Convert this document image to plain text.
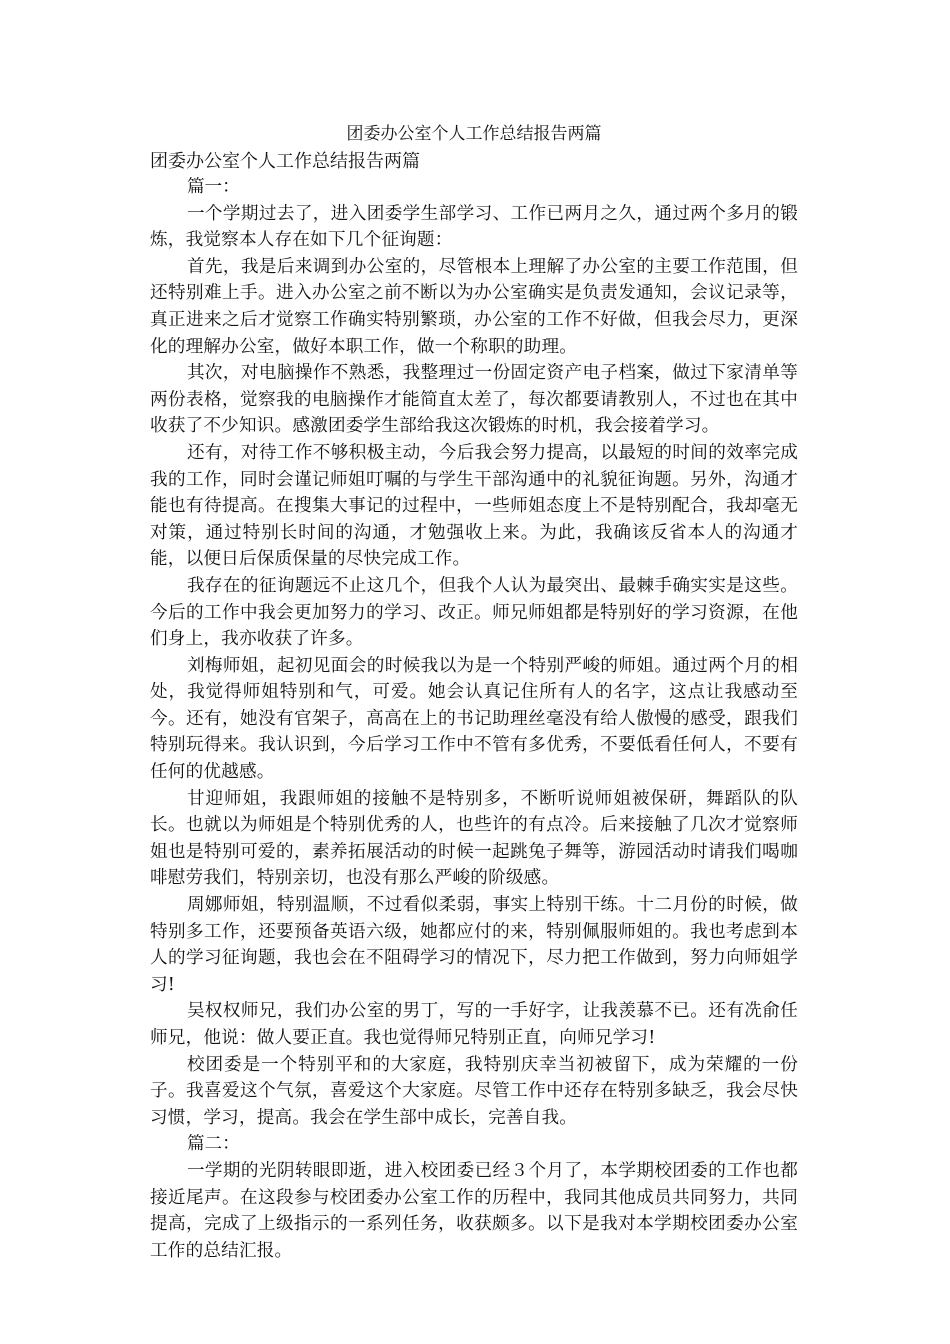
团委办公室个人工作总结报告两篇
团委办公室个人工作总结报告两篇

篇一：

一个学期过去了，进入团委学生部学习、工作已两月之久，通过两个多月的锻炼，我觉察本人存在如下几个征询题：

首先，我是后来调到办公室的，尽管根本上理解了办公室的主要工作范围，但还特别难上手。进入办公室之前不断以为办公室确实是负责发通知，会议记录等，真正进来之后才觉察工作确实特别繁琐，办公室的工作不好做，但我会尽力，更深化的理解办公室，做好本职工作，做一个称职的助理。

其次，对电脑操作不熟悉，我整理过一份固定资产电子档案，做过下家清单等两份表格，觉察我的电脑操作才能简直太差了，每次都要请教别人，不过也在其中收获了不少知识。感激团委学生部给我这次锻炼的时机，我会接着学习。

还有，对待工作不够积极主动，今后我会努力提高，以最短的时间的效率完成我的工作，同时会谨记师姐叮嘱的与学生干部沟通中的礼貌征询题。另外，沟通才能也有待提高。在搜集大事记的过程中，一些师姐态度上不是特别配合，我却毫无对策，通过特别长时间的沟通，才勉强收上来。为此，我确该反省本人的沟通才能，以便日后保质保量的尽快完成工作。

我存在的征询题远不止这几个，但我个人认为最突出、最棘手确实实是这些。今后的工作中我会更加努力的学习、改正。师兄师姐都是特别好的学习资源，在他们身上，我亦收获了许多。

刘梅师姐，起初见面会的时候我以为是一个特别严峻的师姐。通过两个月的相处，我觉得师姐特别和气，可爱。她会认真记住所有人的名字，这点让我感动至今。还有，她没有官架子，高高在上的书记助理丝毫没有给人傲慢的感受，跟我们特别玩得来。我认识到，今后学习工作中不管有多优秀，不要低看任何人，不要有任何的优越感。

甘迎师姐，我跟师姐的接触不是特别多，不断听说师姐被保研，舞蹈队的队长。也就以为师姐是个特别优秀的人，也些许的有点冷。后来接触了几次才觉察师姐也是特别可爱的，素养拓展活动的时候一起跳兔子舞等，游园活动时请我们喝咖啡慰劳我们，特别亲切，也没有那么严峻的阶级感。

周娜师姐，特别温顺，不过看似柔弱，事实上特别干练。十二月份的时候，做特别多工作，还要预备英语六级，她都应付的来，特别佩服师姐的。我也考虑到本人的学习征询题，我也会在不阻碍学习的情况下，尽力把工作做到，努力向师姐学习!

吴权权师兄，我们办公室的男丁，写的一手好字，让我羡慕不已。还有冼俞任师兄，他说：做人要正直。我也觉得师兄特别正直，向师兄学习!

校团委是一个特别平和的大家庭，我特别庆幸当初被留下，成为荣耀的一份子。我喜爱这个气氛，喜爱这个大家庭。尽管工作中还存在特别多缺乏，我会尽快习惯，学习，提高。我会在学生部中成长，完善自我。

篇二：

一学期的光阴转眼即逝，进入校团委已经３个月了，本学期校团委的工作也都接近尾声。在这段参与校团委办公室工作的历程中，我同其他成员共同努力，共同提高，完成了上级指示的一系列任务，收获颇多。以下是我对本学期校团委办公室工作的总结汇报。
